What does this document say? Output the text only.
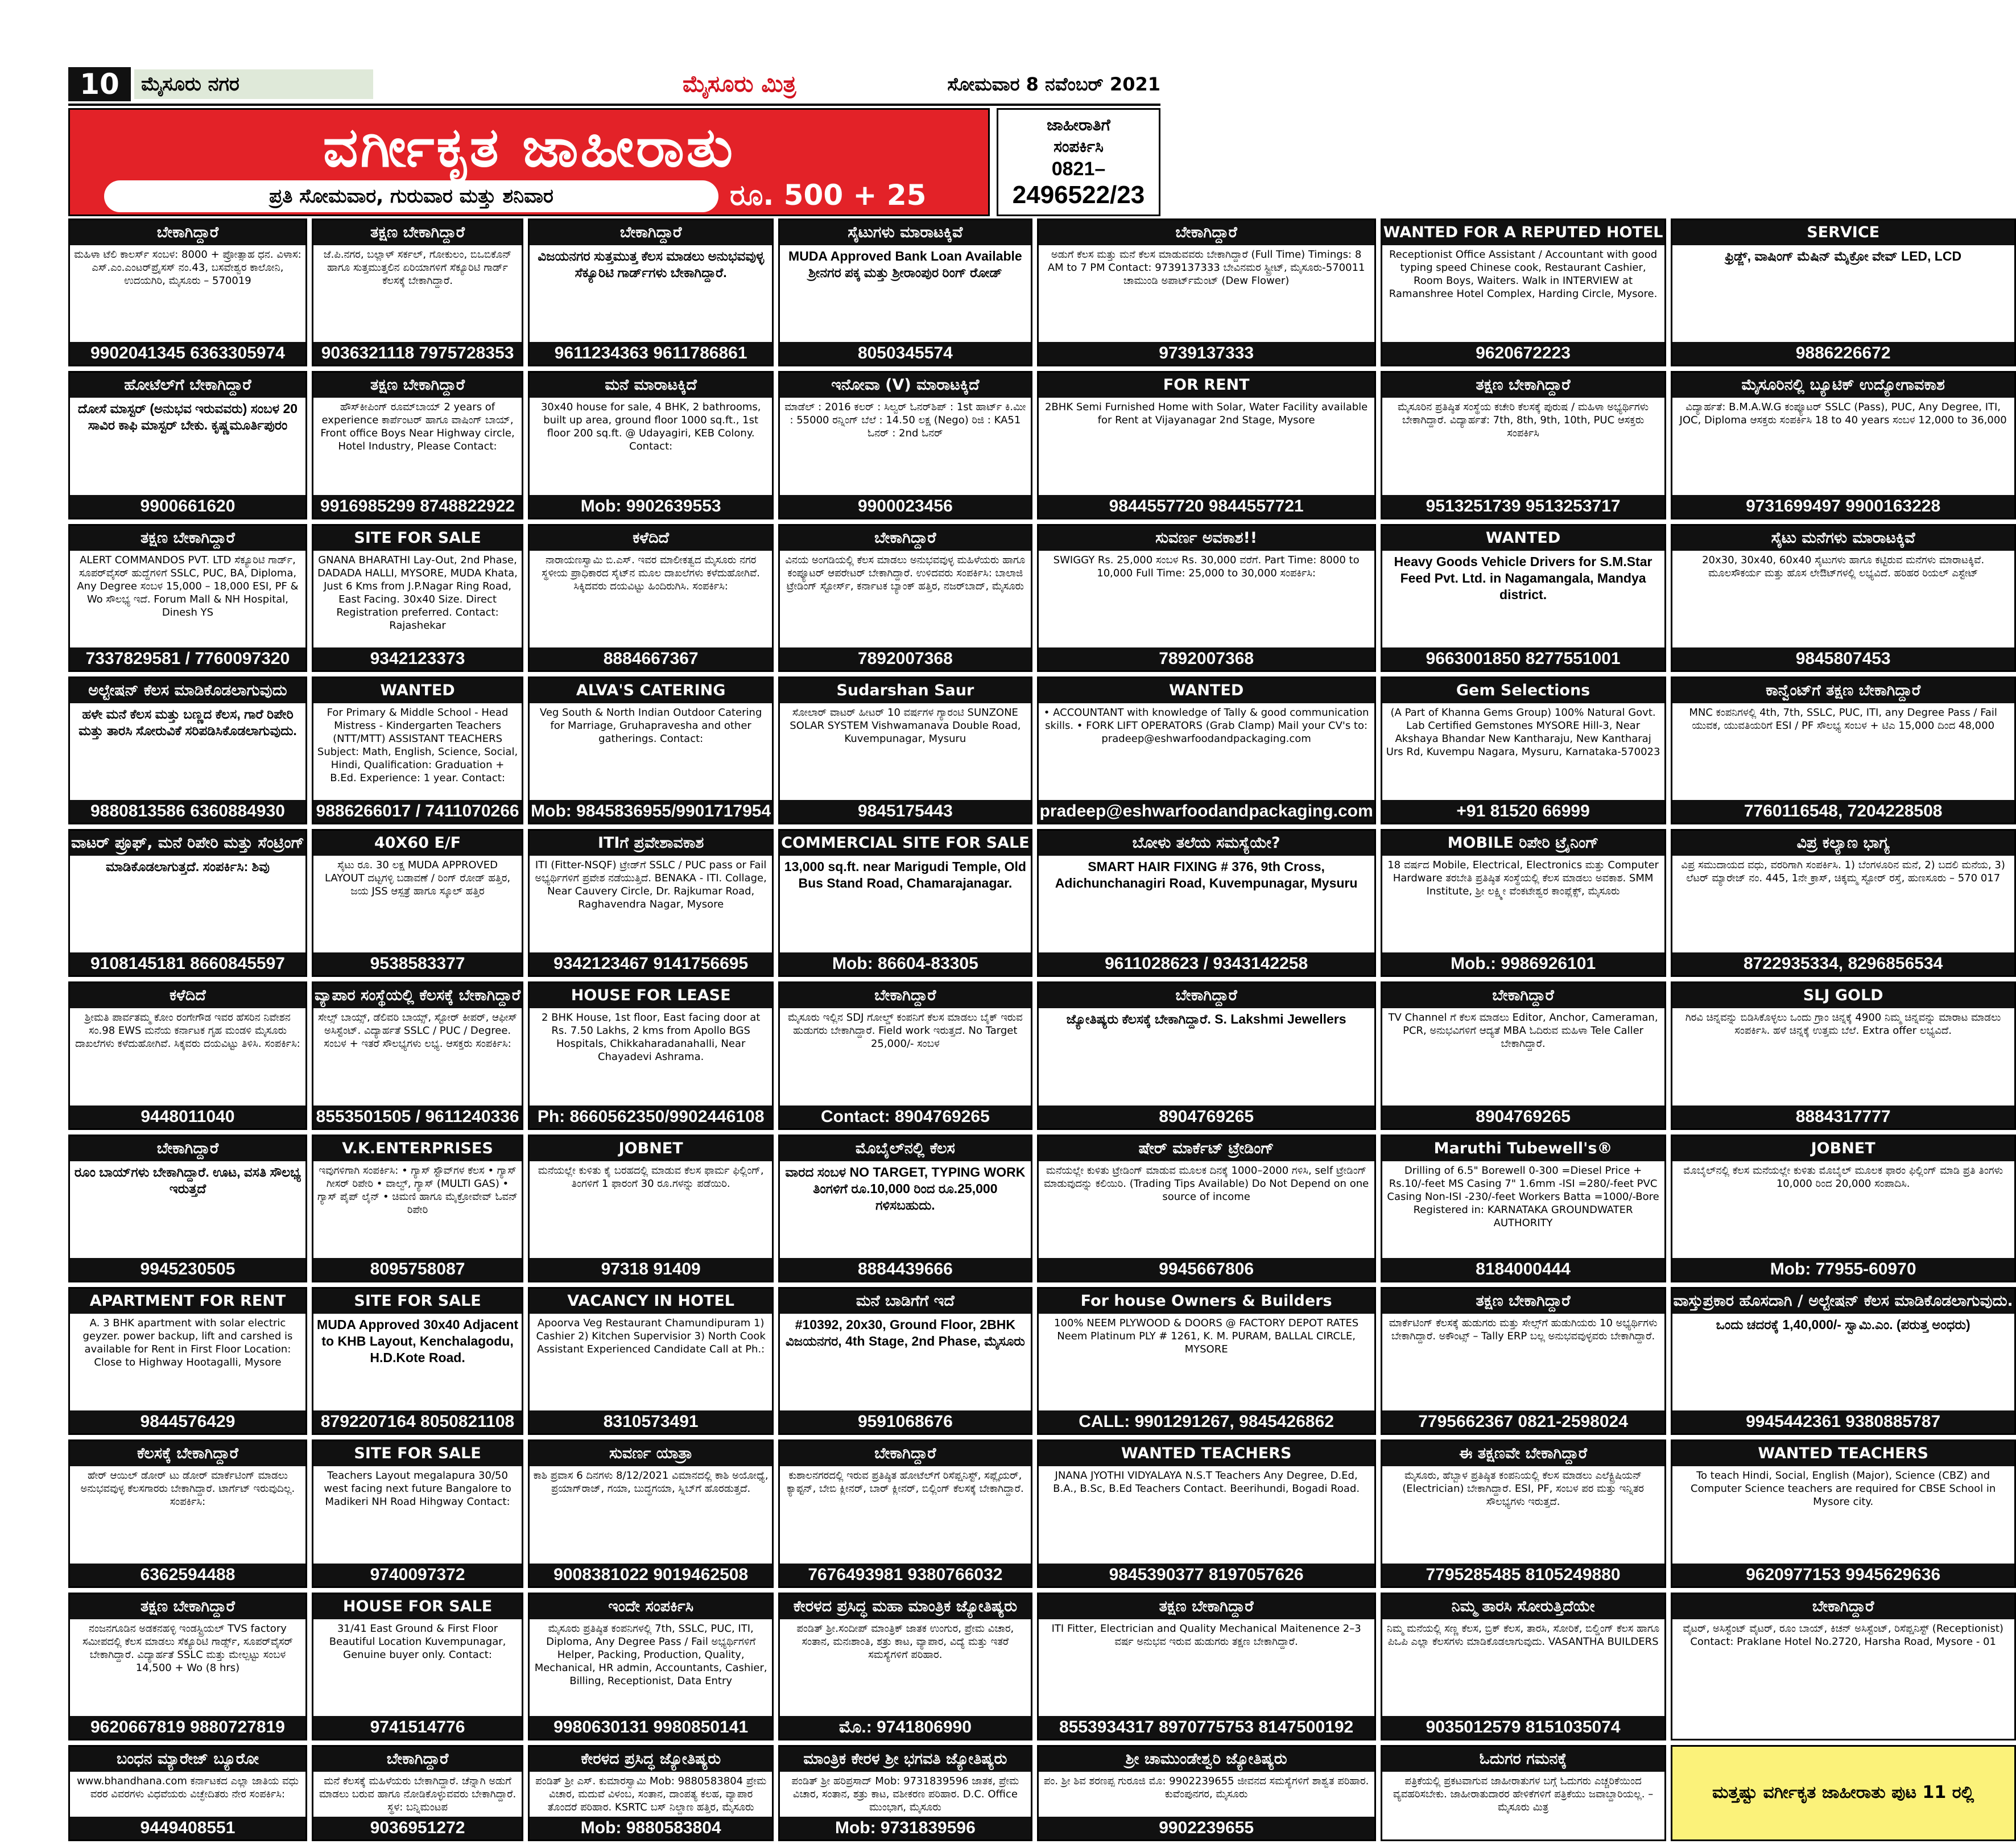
10	ಮೈಸೂರು ನಗರ	ಮೈಸೂರು ಮಿತ್ರ	ಸೋಮವಾರ 8 ನವೆಂಬರ್ 2021
ವರ್ಗೀಕೃತ ಜಾಹೀರಾತು
ಪ್ರತಿ ಸೋಮವಾರ, ಗುರುವಾರ ಮತ್ತು ಶನಿವಾರ	ರೂ. 500 + 25
ಜಾಹೀರಾತಿಗೆ
ಸಂಪರ್ಕಿಸಿ
0821–
2496522/23
ಬೇಕಾಗಿದ್ದಾರೆ
ಮಹಿಳಾ ಟೆಲಿ ಕಾಲರ್ಸ್ ಸಂಬಳ: 8000 + ಪ್ರೋತ್ಸಾಹ ಧನ. ವಿಳಾಸ: ಎಸ್.ಎಂ.ಎಂಟರ್‌ಪ್ರೈಸಸ್ ನಂ.43, ಬಸವೇಶ್ವರ ಕಾಲೋನಿ, ಉದಯಗಿರಿ, ಮೈಸೂರು – 570019
9902041345 6363305974
ತಕ್ಷಣ ಬೇಕಾಗಿದ್ದಾರೆ
ಜೆ.ಪಿ.ನಗರ, ಬಲ್ಲಾಳ್ ಸರ್ಕಲ್, ಗೋಕುಲಂ, ಬಿಒಬಿಕೊನ್ ಹಾಗೂ ಸುತ್ತಮುತ್ತಲಿನ ಏರಿಯಾಗಳಿಗೆ ಸೆಕ್ಯೂರಿಟಿ ಗಾರ್ಡ್ ಕೆಲಸಕ್ಕೆ ಬೇಕಾಗಿದ್ದಾರೆ.
9036321118 7975728353
ಬೇಕಾಗಿದ್ದಾರೆ
ವಿಜಯನಗರ ಸುತ್ತಮುತ್ತ ಕೆಲಸ ಮಾಡಲು ಅನುಭವವುಳ್ಳ ಸೆಕ್ಯೂರಿಟಿ ಗಾರ್ಡ್‌ಗಳು ಬೇಕಾಗಿದ್ದಾರೆ.
9611234363 9611786861
ಸೈಟುಗಳು ಮಾರಾಟಕ್ಕಿವೆ
MUDA Approved Bank Loan Available ಶ್ರೀನಗರ ಪಕ್ಕ ಮತ್ತು ಶ್ರೀರಾಂಪುರ ರಿಂಗ್ ರೋಡ್
8050345574
ಬೇಕಾಗಿದ್ದಾರೆ
ಅಡುಗೆ ಕೆಲಸ ಮತ್ತು ಮನೆ ಕೆಲಸ ಮಾಡುವವರು ಬೇಕಾಗಿದ್ದಾರೆ (Full Time) Timings: 8 AM to 7 PM Contact: 9739137333 ಬೇವಿನಮರ ಸ್ಟ್ರೀಟ್, ಮೈಸೂರು-570011 ಚಾಮುಂಡಿ ಅಪಾರ್ಟ್‌ಮೆಂಟ್ (Dew Flower)
9739137333
WANTED FOR A REPUTED HOTEL
Receptionist Office Assistant / Accountant with good typing speed Chinese cook, Restaurant Cashier, Room Boys, Waiters. Walk in INTERVIEW at Ramanshree Hotel Complex, Harding Circle, Mysore.
9620672223
SERVICE
ಫ್ರಿಡ್ಜ್, ವಾಷಿಂಗ್ ಮೆಷಿನ್ ಮೈಕ್ರೋ ವೇವ್ LED, LCD
9886226672
ಹೋಟೆಲ್‌ಗೆ ಬೇಕಾಗಿದ್ದಾರೆ
ದೋಸೆ ಮಾಸ್ಟರ್ (ಅನುಭವ ಇರುವವರು) ಸಂಬಳ 20 ಸಾವಿರ ಕಾಫಿ ಮಾಸ್ಟರ್ ಬೇಕು. ಕೃಷ್ಣಮೂರ್ತಿಪುರಂ
9900661620
ತಕ್ಷಣ ಬೇಕಾಗಿದ್ದಾರೆ
ಹೌಸ್‌ಕೀಪಿಂಗ್ ರೂಮ್‌ಬಾಯ್ 2 years of experience ಕಾರ್ಪೆಂಟರ್ ಹಾಗೂ ವಾಷಿಂಗ್ ಬಾಯ್, Front office Boys Near Highway circle, Hotel Industry, Please Contact:
9916985299 8748822922
ಮನೆ ಮಾರಾಟಕ್ಕಿದೆ
30x40 house for sale, 4 BHK, 2 bathrooms, built up area, ground floor 1000 sq.ft., 1st floor 200 sq.ft. @ Udayagiri, KEB Colony. Contact:
Mob: 9902639553
ಇನೋವಾ (V) ಮಾರಾಟಕ್ಕಿದೆ
ಮಾಡೆಲ್ : 2016 ಕಲರ್ : ಸಿಲ್ವರ್ ಓನರ್‌ಶಿಪ್ : 1st ಹಾರ್ಟ್ ಕಿ.ಮೀ : 55000 ರನ್ನಿಂಗ್ ಬೆಲೆ : 14.50 ಲಕ್ಷ (Nego) ರಿಜಿ : KA51 ಓನರ್ : 2nd ಓನರ್
9900023456
FOR RENT
2BHK Semi Furnished Home with Solar, Water Facility available for Rent at Vijayanagar 2nd Stage, Mysore
9844557720 9844557721
ತಕ್ಷಣ ಬೇಕಾಗಿದ್ದಾರೆ
ಮೈಸೂರಿನ ಪ್ರತಿಷ್ಠಿತ ಸಂಸ್ಥೆಯ ಕಚೇರಿ ಕೆಲಸಕ್ಕೆ ಪುರುಷ / ಮಹಿಳಾ ಅಭ್ಯರ್ಥಿಗಳು ಬೇಕಾಗಿದ್ದಾರೆ. ವಿದ್ಯಾರ್ಹತೆ: 7th, 8th, 9th, 10th, PUC ಆಸಕ್ತರು ಸಂಪರ್ಕಿಸಿ
9513251739 9513253717
ಮೈಸೂರಿನಲ್ಲಿ ಬ್ಯೂಟಿಕ್ ಉದ್ಯೋಗಾವಕಾಶ
ವಿದ್ಯಾರ್ಹತೆ: B.M.A.W.G ಕಂಪ್ಯೂಟರ್ SSLC (Pass), PUC, Any Degree, ITI, JOC, Diploma ಆಸಕ್ತರು ಸಂಪರ್ಕಿಸಿ 18 to 40 years ಸಂಬಳ 12,000 to 36,000
9731699497 9900163228
ತಕ್ಷಣ ಬೇಕಾಗಿದ್ದಾರೆ
ALERT COMMANDOS PVT. LTD ಸೆಕ್ಯೂರಿಟಿ ಗಾರ್ಡ್, ಸೂಪರ್‌ವೈಸರ್ ಹುದ್ದೆಗಳಿಗೆ SSLC, PUC, BA, Diploma, Any Degree ಸಂಬಳ 15,000 – 18,000 ESI, PF & Wo ಸೌಲಭ್ಯ ಇದೆ. Forum Mall & NH Hospital, Dinesh YS
7337829581 / 7760097320
SITE FOR SALE
GNANA BHARATHI Lay-Out, 2nd Phase, DADADA HALLI, MYSORE, MUDA Khata, Just 6 Kms from J.P.Nagar Ring Road, East Facing. 30x40 Size. Direct Registration preferred. Contact: Rajashekar
9342123373
ಕಳೆದಿದೆ
ನಾರಾಯಣಸ್ವಾಮಿ ಬಿ.ಎಸ್. ಇವರ ಮಾಲೀಕತ್ವದ ಮೈಸೂರು ನಗರ ಸ್ಥಳೀಯ ಪ್ರಾಧಿಕಾರದ ಸೈಟ್‌ನ ಮೂಲ ದಾಖಲೆಗಳು ಕಳೆದುಹೋಗಿವೆ. ಸಿಕ್ಕಿದವರು ದಯವಿಟ್ಟು ಹಿಂದಿರುಗಿಸಿ. ಸಂಪರ್ಕಿಸಿ:
8884667367
ಬೇಕಾಗಿದ್ದಾರೆ
ವಿನಯ ಅಂಗಡಿಯಲ್ಲಿ ಕೆಲಸ ಮಾಡಲು ಅನುಭವವುಳ್ಳ ಮಹಿಳೆಯರು ಹಾಗೂ ಕಂಪ್ಯೂಟರ್ ಆಪರೇಟರ್ ಬೇಕಾಗಿದ್ದಾರೆ. ಉಳಿದವರು ಸಂಪರ್ಕಿಸಿ: ಬಾಲಾಜಿ ಟ್ರೇಡಿಂಗ್ ಸ್ಟೋರ್ಸ್, ಕರ್ನಾಟಕ ಬ್ಯಾಂಕ್ ಹತ್ತಿರ, ನಜರ್‌ಬಾದ್, ಮೈಸೂರು
7892007368
ಸುವರ್ಣ ಅವಕಾಶ!!
SWIGGY Rs. 25,000 ಸಂಬಳ Rs. 30,000 ವರೆಗೆ. Part Time: 8000 to 10,000 Full Time: 25,000 to 30,000 ಸಂಪರ್ಕಿಸಿ:
7892007368
WANTED
Heavy Goods Vehicle Drivers for S.M.Star Feed Pvt. Ltd. in Nagamangala, Mandya district.
9663001850 8277551001
ಸೈಟು ಮನೆಗಳು ಮಾರಾಟಕ್ಕಿವೆ
20x30, 30x40, 60x40 ಸೈಟುಗಳು ಹಾಗೂ ಕಟ್ಟಿರುವ ಮನೆಗಳು ಮಾರಾಟಕ್ಕಿವೆ. ಮೂಲಸೌಕರ್ಯ ಮತ್ತು ಹೊಸ ಲೇಔಟ್‌ಗಳಲ್ಲಿ ಲಭ್ಯವಿದೆ. ಹರಿಹರ ರಿಯಲ್ ಎಸ್ಟೇಟ್
9845807453
ಅಲ್ಟೇಷನ್ ಕೆಲಸ ಮಾಡಿಕೊಡಲಾಗುವುದು
ಹಳೇ ಮನೆ ಕೆಲಸ ಮತ್ತು ಬಣ್ಣದ ಕೆಲಸ, ಗಾರೆ ರಿಪೇರಿ ಮತ್ತು ತಾರಸಿ ಸೋರುವಿಕೆ ಸರಿಪಡಿಸಿಕೊಡಲಾಗುವುದು.
9880813586 6360884930
WANTED
For Primary & Middle School - Head Mistress - Kindergarten Teachers (NTT/MTT) ASSISTANT TEACHERS Subject: Math, English, Science, Social, Hindi, Qualification: Graduation + B.Ed. Experience: 1 year. Contact:
9886266017 / 7411070266
ALVA'S CATERING
Veg South & North Indian Outdoor Catering for Marriage, Gruhapravesha and other gatherings. Contact:
Mob: 9845836955/9901717954
Sudarshan Saur
ಸೋಲಾರ್ ವಾಟರ್ ಹೀಟರ್ 10 ವರ್ಷಗಳ ಗ್ಯಾರಂಟಿ SUNZONE SOLAR SYSTEM Vishwamanava Double Road, Kuvempunagar, Mysuru
9845175443
WANTED
• ACCOUNTANT with knowledge of Tally & good communication skills. • FORK LIFT OPERATORS (Grab Clamp) Mail your CV's to: pradeep@eshwarfoodandpackaging.com
pradeep@eshwarfoodandpackaging.com
Gem Selections
(A Part of Khanna Gems Group) 100% Natural Govt. Lab Certified Gemstones MYSORE Hill-3, Near Akshaya Bhandar New Kantharaju, New Kantharaj Urs Rd, Kuvempu Nagara, Mysuru, Karnataka-570023
+91 81520 66999
ಕಾನ್ವೆಂಟ್‌ಗೆ ತಕ್ಷಣ ಬೇಕಾಗಿದ್ದಾರೆ
MNC ಕಂಪನಿಗಳಲ್ಲಿ 4th, 7th, SSLC, PUC, ITI, any Degree Pass / Fail ಯುವಕ, ಯುವತಿಯರಿಗೆ ESI / PF ಸೌಲಭ್ಯ ಸಂಬಳ + ಟಿಎ 15,000 ದಿಂದ 48,000
7760116548, 7204228508
ವಾಟರ್ ಪ್ರೂಫ್, ಮನೆ ರಿಪೇರಿ ಮತ್ತು ಸೆಂಟ್ರಿಂಗ್
ಮಾಡಿಕೊಡಲಾಗುತ್ತದೆ. ಸಂಪರ್ಕಿಸಿ: ಶಿವು
9108145181 8660845597
40X60 E/F
ಸೈಟು ರೂ. 30 ಲಕ್ಷ MUDA APPROVED LAYOUT ದಟ್ಟಗಳ್ಳಿ ಬಡಾವಣೆ / ರಿಂಗ್ ರೋಡ್ ಹತ್ತಿರ, ಜಯ JSS ಆಸ್ಪತ್ರೆ ಹಾಗೂ ಸ್ಕೂಲ್ ಹತ್ತಿರ
9538583377
ITIಗೆ ಪ್ರವೇಶಾವಕಾಶ
ITI (Fitter-NSQF) ಟ್ರೇಡ್‌ಗೆ SSLC / PUC pass or Fail ಅಭ್ಯರ್ಥಿಗಳಿಗೆ ಪ್ರವೇಶ ನಡೆಯುತ್ತಿದೆ. BENAKA - ITI. Collage, Near Cauvery Circle, Dr. Rajkumar Road, Raghavendra Nagar, Mysore
9342123467 9141756695
COMMERCIAL SITE FOR SALE
13,000 sq.ft. near Marigudi Temple, Old Bus Stand Road, Chamarajanagar.
Mob: 86604-83305
ಬೋಳು ತಲೆಯ ಸಮಸ್ಯೆಯೇ?
SMART HAIR FIXING # 376, 9th Cross, Adichunchanagiri Road, Kuvempunagar, Mysuru
9611028623 / 9343142258
MOBILE ರಿಪೇರಿ ಟ್ರೈನಿಂಗ್
18 ವರ್ಷದ Mobile, Electrical, Electronics ಮತ್ತು Computer Hardware ತರಬೇತಿ ಪ್ರತಿಷ್ಠಿತ ಸಂಸ್ಥೆಯಲ್ಲಿ ಕೆಲಸ ಮಾಡಲು ಅವಕಾಶ. SMM Institute, ಶ್ರೀ ಲಕ್ಷ್ಮೀ ವೆಂಕಟೇಶ್ವರ ಕಾಂಪ್ಲೆಕ್ಸ್, ಮೈಸೂರು
Mob.: 9986926101
ವಿಪ್ರ ಕಲ್ಯಾಣ ಭಾಗ್ಯ
ವಿಪ್ರ ಸಮುದಾಯದ ವಧು, ವರರಿಗಾಗಿ ಸಂಪರ್ಕಿಸಿ. 1) ಬೆಂಗಳೂರಿನ ಮನೆ, 2) ಬದಲಿ ಮನೆಯ, 3) ಲೆಟರ್ ಮ್ಯಾರೇಜ್ ನಂ. 445, 1ನೇ ಕ್ರಾಸ್, ಚಿಕ್ಕಮ್ಮ ಸ್ಟೋರ್ ರಸ್ತೆ, ಹುಣಸೂರು – 570 017
8722935334, 8296856534
ಕಳೆದಿದೆ
ಶ್ರೀಮತಿ ಪಾರ್ವತಮ್ಮ ಕೋಂ ರಂಗೇಗೌಡ ಇವರ ಹೆಸರಿನ ನಿವೇಶನ ಸಂ.98 EWS ಮನೆಯ ಕರ್ನಾಟಕ ಗೃಹ ಮಂಡಳಿ ಮೈಸೂರು ದಾಖಲೆಗಳು ಕಳೆದುಹೋಗಿವೆ. ಸಿಕ್ಕವರು ದಯವಿಟ್ಟು ತಿಳಿಸಿ. ಸಂಪರ್ಕಿಸಿ:
9448011040
ವ್ಯಾಪಾರ ಸಂಸ್ಥೆಯಲ್ಲಿ ಕೆಲಸಕ್ಕೆ ಬೇಕಾಗಿದ್ದಾರೆ
ಸೇಲ್ಸ್ ಬಾಯ್ಸ್, ಡೆಲಿವರಿ ಬಾಯ್ಸ್, ಸ್ಟೋರ್ ಕೀಪರ್, ಆಫೀಸ್ ಅಸಿಸ್ಟೆಂಟ್. ವಿದ್ಯಾರ್ಹತೆ SSLC / PUC / Degree. ಸಂಬಳ + ಇತರೆ ಸೌಲಭ್ಯಗಳು ಲಭ್ಯ. ಆಸಕ್ತರು ಸಂಪರ್ಕಿಸಿ:
8553501505 / 9611240336
HOUSE FOR LEASE
2 BHK House, 1st floor, East facing door at Rs. 7.50 Lakhs, 2 kms from Apollo BGS Hospitals, Chikkaharadanahalli, Near Chayadevi Ashrama.
Ph: 8660562350/9902446108
ಬೇಕಾಗಿದ್ದಾರೆ
ಮೈಸೂರು ಇಲ್ಲಿನ SDJ ಗೋಲ್ಡ್ ಕಂಪನಿಗೆ ಕೆಲಸ ಮಾಡಲು ಬೈಕ್ ಇರುವ ಹುಡುಗರು ಬೇಕಾಗಿದ್ದಾರೆ. Field work ಇರುತ್ತದೆ. No Target 25,000/- ಸಂಬಳ
Contact: 8904769265
ಬೇಕಾಗಿದ್ದಾರೆ
ಜ್ಯೋತಿಷ್ಯರು ಕೆಲಸಕ್ಕೆ ಬೇಕಾಗಿದ್ದಾರೆ. S. Lakshmi Jewellers
8904769265
ಬೇಕಾಗಿದ್ದಾರೆ
TV Channel ಗೆ ಕೆಲಸ ಮಾಡಲು Editor, Anchor, Cameraman, PCR, ಅನುಭವಿಗಳಿಗೆ ಆದ್ಯತೆ MBA ಓದಿರುವ ಮಹಿಳಾ Tele Caller ಬೇಕಾಗಿದ್ದಾರೆ.
8904769265
SLJ GOLD
ಗಿರವಿ ಚಿನ್ನವನ್ನು ಬಿಡಿಸಿಕೊಳ್ಳಲು ಒಂದು ಗ್ರಾಂ ಚಿನ್ನಕ್ಕೆ 4900 ನಿಮ್ಮ ಚಿನ್ನವನ್ನು ಮಾರಾಟ ಮಾಡಲು ಸಂಪರ್ಕಿಸಿ. ಹಳೆ ಚಿನ್ನಕ್ಕೆ ಉತ್ತಮ ಬೆಲೆ. Extra offer ಲಭ್ಯವಿದೆ.
8884317777
ಬೇಕಾಗಿದ್ದಾರೆ
ರೂಂ ಬಾಯ್‌ಗಳು ಬೇಕಾಗಿದ್ದಾರೆ. ಊಟ, ವಸತಿ ಸೌಲಭ್ಯ ಇರುತ್ತದೆ
9945230505
V.K.ENTERPRISES
ಇವುಗಳಿಗಾಗಿ ಸಂಪರ್ಕಿಸಿ: • ಗ್ಯಾಸ್ ಸ್ಟೌವ್‌ಗಳ ಕೆಲಸ • ಗ್ಯಾಸ್ ಗೀಸರ್ ರಿಪೇರಿ • ವಾಲ್ವ್, ಗ್ಯಾಸ್ (MULTI GAS) • ಗ್ಯಾಸ್ ಪೈಪ್ ಲೈನ್ • ಚಿಮಣಿ ಹಾಗೂ ಮೈಕ್ರೋವೇವ್ ಓವನ್ ರಿಪೇರಿ
8095758087
JOBNET
ಮನೆಯಲ್ಲೇ ಕುಳಿತು ಕೈ ಬರಹದಲ್ಲಿ ಮಾಡುವ ಕೆಲಸ ಫಾರ್ಮ ಫಿಲ್ಲಿಂಗ್, ತಿಂಗಳಿಗೆ 1 ಫಾರಂಗೆ 30 ರೂ.ಗಳನ್ನು ಪಡೆಯಿರಿ.
97318 91409
ಮೊಬೈಲ್‌ನಲ್ಲಿ ಕೆಲಸ
ವಾರದ ಸಂಬಳ NO TARGET, TYPING WORK ತಿಂಗಳಿಗೆ ರೂ.10,000 ರಿಂದ ರೂ.25,000 ಗಳಿಸಬಹುದು.
8884439666
ಷೇರ್ ಮಾರ್ಕೆಟ್ ಟ್ರೇಡಿಂಗ್
ಮನೆಯಲ್ಲೇ ಕುಳಿತು ಟ್ರೇಡಿಂಗ್ ಮಾಡುವ ಮೂಲಕ ದಿನಕ್ಕೆ 1000–2000 ಗಳಿಸಿ, self ಟ್ರೇಡಿಂಗ್ ಮಾಡುವುದನ್ನು ಕಲಿಯಿರಿ. (Trading Tips Available) Do Not Depend on one source of income
9945667806
Maruthi Tubewell's®
Drilling of 6.5" Borewell 0-300 =Diesel Price + Rs.10/-feet MS Casing 7" 1.6mm -ISI =280/-feet PVC Casing Non-ISI -230/-feet Workers Batta =1000/-Bore Registered in: KARNATAKA GROUNDWATER AUTHORITY
8184000444
JOBNET
ಮೊಬೈಲ್‌ನಲ್ಲಿ ಕೆಲಸ ಮನೆಯಲ್ಲೇ ಕುಳಿತು ಮೊಬೈಲ್ ಮೂಲಕ ಫಾರಂ ಫಿಲ್ಲಿಂಗ್ ಮಾಡಿ ಪ್ರತಿ ತಿಂಗಳು 10,000 ರಿಂದ 20,000 ಸಂಪಾದಿಸಿ.
Mob: 77955-60970
APARTMENT FOR RENT
A. 3 BHK apartment with solar electric geyzer. power backup, lift and carshed is available for Rent in First Floor Location: Close to Highway Hootagalli, Mysore
9844576429
SITE FOR SALE
MUDA Approved 30x40 Adjacent to KHB Layout, Kenchalagodu, H.D.Kote Road.
8792207164 8050821108
VACANCY IN HOTEL
Apoorva Veg Restaurant Chamundipuram 1) Cashier 2) Kitchen Supervisior 3) North Cook Assistant Experienced Candidate Call at Ph.:
8310573491
ಮನೆ ಬಾಡಿಗೆಗೆ ಇದೆ
#10392, 20x30, Ground Floor, 2BHK ವಿಜಯನಗರ, 4th Stage, 2nd Phase, ಮೈಸೂರು
9591068676
For house Owners & Builders
100% NEEM PLYWOOD & DOORS @ FACTORY DEPOT RATES Neem Platinum PLY # 1261, K. M. PURAM, BALLAL CIRCLE, MYSORE
CALL: 9901291267, 9845426862
ತಕ್ಷಣ ಬೇಕಾಗಿದ್ದಾರೆ
ಮಾರ್ಕೆಟಿಂಗ್ ಕೆಲಸಕ್ಕೆ ಹುಡುಗರು ಮತ್ತು ಸೇಲ್ಸ್‌ಗೆ ಹುಡುಗಿಯರು 10 ಅಭ್ಯರ್ಥಿಗಳು ಬೇಕಾಗಿದ್ದಾರೆ. ಅಕೌಂಟ್ಸ್ – Tally ERP ಬಲ್ಲ ಅನುಭವವುಳ್ಳವರು ಬೇಕಾಗಿದ್ದಾರೆ.
7795662367 0821-2598024
ವಾಸ್ತುಪ್ರಕಾರ ಹೊಸದಾಗಿ / ಅಲ್ಟೇಷನ್ ಕೆಲಸ ಮಾಡಿಕೊಡಲಾಗುವುದು.
ಒಂದು ಚದರಕ್ಕೆ 1,40,000/- ಸ್ವಾಮಿ.ಎಂ. (ಪರುತ್ತ ಅಂಧರು)
9945442361 9380885787
ಕೆಲಸಕ್ಕೆ ಬೇಕಾಗಿದ್ದಾರೆ
ಹೇರ್ ಆಯಿಲ್ ಡೋರ್ ಟು ಡೋರ್ ಮಾರ್ಕೆಟಿಂಗ್ ಮಾಡಲು ಅನುಭವವುಳ್ಳ ಕೆಲಸಗಾರರು ಬೇಕಾಗಿದ್ದಾರೆ. ಟಾರ್ಗೆಟ್ ಇರುವುದಿಲ್ಲ. ಸಂಪರ್ಕಿಸಿ:
6362594488
SITE FOR SALE
Teachers Layout megalapura 30/50 west facing next future Bangalore to Madikeri NH Road Hihgway Contact:
9740097372
ಸುವರ್ಣ ಯಾತ್ರಾ
ಕಾಶಿ ಪ್ರವಾಸ 6 ದಿನಗಳು 8/12/2021 ವಿಮಾನದಲ್ಲಿ ಕಾಶಿ ಅಯೋಧ್ಯೆ, ಪ್ರಯಾಗ್‌ರಾಜ್, ಗಯಾ, ಬುದ್ಧಗಯಾ, ಸ್ನಿಬ್‌ಗೆ ಹೊರಡುತ್ತದೆ.
9008381022 9019462508
ಬೇಕಾಗಿದ್ದಾರೆ
ಕುಶಾಲನಗರದಲ್ಲಿ ಇರುವ ಪ್ರತಿಷ್ಠಿತ ಹೋಟೆಲ್‌ಗೆ ರಿಸೆಪ್ಷನಿಸ್ಟ್, ಸಪ್ಲೈಯರ್, ಕ್ಯಾಪ್ಟನ್, ಬೇಬಿ ಕ್ಲೀನರ್, ಬಾರ್ ಕ್ಲೀನರ್, ಬಿಲ್ಲಿಂಗ್ ಕೆಲಸಕ್ಕೆ ಬೇಕಾಗಿದ್ದಾರೆ.
7676493981 9380766032
WANTED TEACHERS
JNANA JYOTHI VIDYALAYA N.S.T Teachers Any Degree, D.Ed, B.A., B.Sc, B.Ed Teachers Contact. Beerihundi, Bogadi Road.
9845390377 8197057626
ಈ ತಕ್ಷಣವೇ ಬೇಕಾಗಿದ್ದಾರೆ
ಮೈಸೂರು, ಹೆಬ್ಬಾಳ ಪ್ರತಿಷ್ಠಿತ ಕಂಪನಿಯಲ್ಲಿ ಕೆಲಸ ಮಾಡಲು ಎಲೆಕ್ಟ್ರಿಷಿಯನ್ (Electrician) ಬೇಕಾಗಿದ್ದಾರೆ. ESI, PF, ಸಂಬಳ ಪರ ಮತ್ತು ಇನ್ನಿತರ ಸೌಲಭ್ಯಗಳು ಇರುತ್ತದೆ.
7795285485 8105249880
WANTED TEACHERS
To teach Hindi, Social, English (Major), Science (CBZ) and Computer Science teachers are required for CBSE School in Mysore city.
9620977153 9945629636
ತಕ್ಷಣ ಬೇಕಾಗಿದ್ದಾರೆ
ನಂಜನಗೂಡಿನ ಅಡಕನಹಳ್ಳಿ ಇಂಡಸ್ಟ್ರಿಯಲ್ TVS factory ಸಮೀಪದಲ್ಲಿ ಕೆಲಸ ಮಾಡಲು ಸೆಕ್ಯೂರಿಟಿ ಗಾರ್ಡ್ಸ್, ಸೂಪರ್‌ವೈಸರ್ ಬೇಕಾಗಿದ್ದಾರೆ. ವಿದ್ಯಾರ್ಹತೆ SSLC ಮತ್ತು ಮೇಲ್ಪಟ್ಟು ಸಂಬಳ 14,500 + Wo (8 hrs)
9620667819 9880727819
HOUSE FOR SALE
31/41 East Ground & First Floor Beautiful Location Kuvempunagar, Genuine buyer only. Contact:
9741514776
ಇಂದೇ ಸಂಪರ್ಕಿಸಿ
ಮೈಸೂರು ಪ್ರತಿಷ್ಠಿತ ಕಂಪನಿಗಳಲ್ಲಿ 7th, SSLC, PUC, ITI, Diploma, Any Degree Pass / Fail ಅಭ್ಯರ್ಥಿಗಳಿಗೆ Helper, Packing, Production, Quality, Mechanical, HR admin, Accountants, Cashier, Billing, Receptionist, Data Entry
9980630131 9980850141
ಕೇರಳದ ಪ್ರಸಿದ್ಧ ಮಹಾ ಮಾಂತ್ರಿಕ ಜ್ಯೋತಿಷ್ಯರು
ಪಂಡಿತ್ ಶ್ರೀ.ಸಂದೀಪ್ ಮಾಂತ್ರಿಕ್ ಜಾತಕ ಉಂಗುರ, ಪ್ರೇಮ ವಿಚಾರ, ಸಂತಾನ, ಮನಃಶಾಂತಿ, ಶತ್ರು ಕಾಟ, ವ್ಯಾಪಾರ, ವಿದ್ಯೆ ಮತ್ತು ಇತರೆ ಸಮಸ್ಯೆಗಳಿಗೆ ಪರಿಹಾರ.
ಮೊ.: 9741806990
ತಕ್ಷಣ ಬೇಕಾಗಿದ್ದಾರೆ
ITI Fitter, Electrician and Quality Mechanical Maitenence 2–3 ವರ್ಷ ಅನುಭವ ಇರುವ ಹುಡುಗರು ತಕ್ಷಣ ಬೇಕಾಗಿದ್ದಾರೆ.
8553934317 8970775753 8147500192
ನಿಮ್ಮ ತಾರಸಿ ಸೋರುತ್ತಿದೆಯೇ
ನಿಮ್ಮ ಮನೆಯಲ್ಲಿ ಸಣ್ಣ ಕೆಲಸ, ಬ್ರಿಕ್ ಕೆಲಸ, ತಾರಸಿ, ಸೋರಿಕೆ, ಬಿಲ್ಡಿಂಗ್ ಕೆಲಸ ಹಾಗೂ ಪಿಒಪಿ ಎಲ್ಲಾ ಕೆಲಸಗಳು ಮಾಡಿಕೊಡಲಾಗುವುದು. VASANTHA BUILDERS
9035012579 8151035074
ಬೇಕಾಗಿದ್ದಾರೆ
ವೈಟರ್, ಅಸಿಸ್ಟೆಂಟ್ ವೈಟರ್, ರೂಂ ಬಾಯ್, ಕಿಚನ್ ಅಸಿಸ್ಟೆಂಟ್, ರಿಸೆಪ್ಷನಿಸ್ಟ್ (Receptionist) Contact: Praklane Hotel No.2720, Harsha Road, Mysore - 01
ಬಂಧನ ಮ್ಯಾರೇಜ್ ಬ್ಯೂರೋ
www.bhandhana.com ಕರ್ನಾಟಕದ ಎಲ್ಲಾ ಜಾತಿಯ ವಧು ವರರ ವಿವರಗಳು ವಿಧವೆಯರು ವಿಚ್ಛೇದಿತರು ನೇರ ಸಂಪರ್ಕಿಸಿ:
9449408551
ಬೇಕಾಗಿದ್ದಾರೆ
ಮನೆ ಕೆಲಸಕ್ಕೆ ಮಹಿಳೆಯರು ಬೇಕಾಗಿದ್ದಾರೆ. ಚೆನ್ನಾಗಿ ಅಡುಗೆ ಮಾಡಲು ಬರುವ ಹಾಗೂ ನೋಡಿಕೊಳ್ಳುವವರು ಬೇಕಾಗಿದ್ದಾರೆ. ಸ್ಥಳ: ಬನ್ನಿಮಂಟಪ
9036951272
ಕೇರಳದ ಪ್ರಸಿದ್ಧ ಜ್ಯೋತಿಷ್ಯರು
ಪಂಡಿತ್ ಶ್ರೀ ಎಸ್. ಕುಮಾರಸ್ವಾಮಿ Mob: 9880583804 ಪ್ರೇಮ ವಿಚಾರ, ಮದುವೆ ವಿಳಂಬ, ಸಂತಾನ, ದಾಂಪತ್ಯ ಕಲಹ, ವ್ಯಾಪಾರ ತೊಂದರೆ ಪರಿಹಾರ. KSRTC ಬಸ್ ನಿಲ್ದಾಣ ಹತ್ತಿರ, ಮೈಸೂರು
Mob: 9880583804
ಮಾಂತ್ರಿಕ ಕೇರಳ ಶ್ರೀ ಭಗವತಿ ಜ್ಯೋತಿಷ್ಯರು
ಪಂಡಿತ್ ಶ್ರೀ ಹರಿಪ್ರಸಾದ್ Mob: 9731839596 ಜಾತಕ, ಪ್ರೇಮ ವಿಚಾರ, ಸಂತಾನ, ಶತ್ರು ಕಾಟ, ವಶೀಕರಣ ಪರಿಹಾರ. D.C. Office ಮುಂಭಾಗ, ಮೈಸೂರು
Mob: 9731839596
ಶ್ರೀ ಚಾಮುಂಡೇಶ್ವರಿ ಜ್ಯೋತಿಷ್ಯರು
ಪಂ. ಶ್ರೀ ಶಿವ ಶರಣಪ್ಪ ಗುರೂಜಿ ಮೊ: 9902239655 ಜೀವನದ ಸಮಸ್ಯೆಗಳಿಗೆ ಶಾಶ್ವತ ಪರಿಹಾರ. ಕುವೆಂಪುನಗರ, ಮೈಸೂರು
9902239655
ಓದುಗರ ಗಮನಕ್ಕೆ
ಪತ್ರಿಕೆಯಲ್ಲಿ ಪ್ರಕಟವಾಗುವ ಜಾಹೀರಾತುಗಳ ಬಗ್ಗೆ ಓದುಗರು ಎಚ್ಚರಿಕೆಯಿಂದ ವ್ಯವಹರಿಸಬೇಕು. ಜಾಹೀರಾತುದಾರರ ಹೇಳಿಕೆಗಳಿಗೆ ಪತ್ರಿಕೆಯು ಜವಾಬ್ದಾರಿಯಲ್ಲ. – ಮೈಸೂರು ಮಿತ್ರ
ಮತ್ತಷ್ಟು ವರ್ಗೀಕೃತ ಜಾಹೀರಾತು ಪುಟ 11 ರಲ್ಲಿ
